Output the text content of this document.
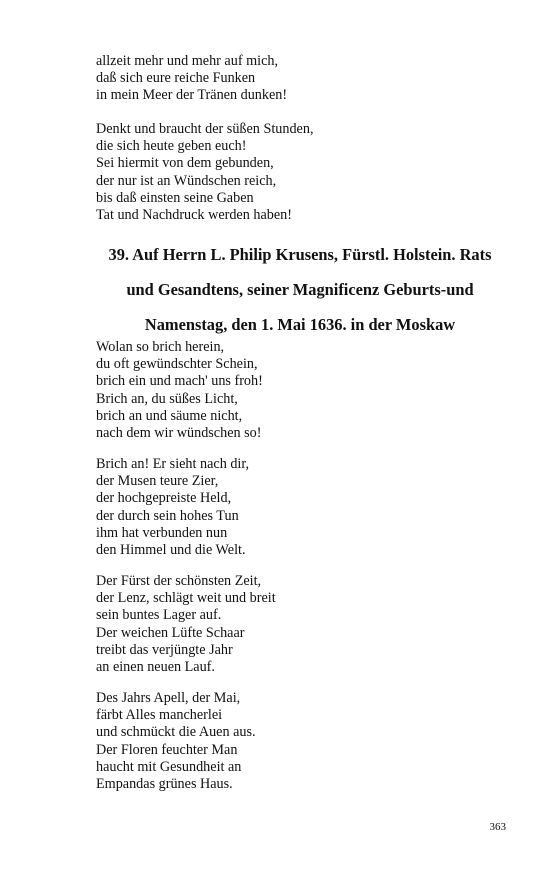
allzeit mehr und mehr auf mich,
daß sich eure reiche Funken
in mein Meer der Tränen dunken!
Denkt und braucht der süßen Stunden,
die sich heute geben euch!
Sei hiermit von dem gebunden,
der nur ist an Wündschen reich,
bis daß einsten seine Gaben
Tat und Nachdruck werden haben!
39. Auf Herrn L. Philip Krusens, Fürstl. Holstein. Rats
und Gesandtens, seiner Magnificenz Geburts-und
Namenstag, den 1. Mai 1636. in der Moskaw
Wolan so brich herein,
du oft gewündschter Schein,
brich ein und mach' uns froh!
Brich an, du süßes Licht,
brich an und säume nicht,
nach dem wir wündschen so!
Brich an! Er sieht nach dir,
der Musen teure Zier,
der hochgepreiste Held,
der durch sein hohes Tun
ihm hat verbunden nun
den Himmel und die Welt.
Der Fürst der schönsten Zeit,
der Lenz, schlägt weit und breit
sein buntes Lager auf.
Der weichen Lüfte Schaar
treibt das verjüngte Jahr
an einen neuen Lauf.
Des Jahrs Apell, der Mai,
färbt Alles mancherlei
und schmückt die Auen aus.
Der Floren feuchter Man
haucht mit Gesundheit an
Empandas grünes Haus.
363
